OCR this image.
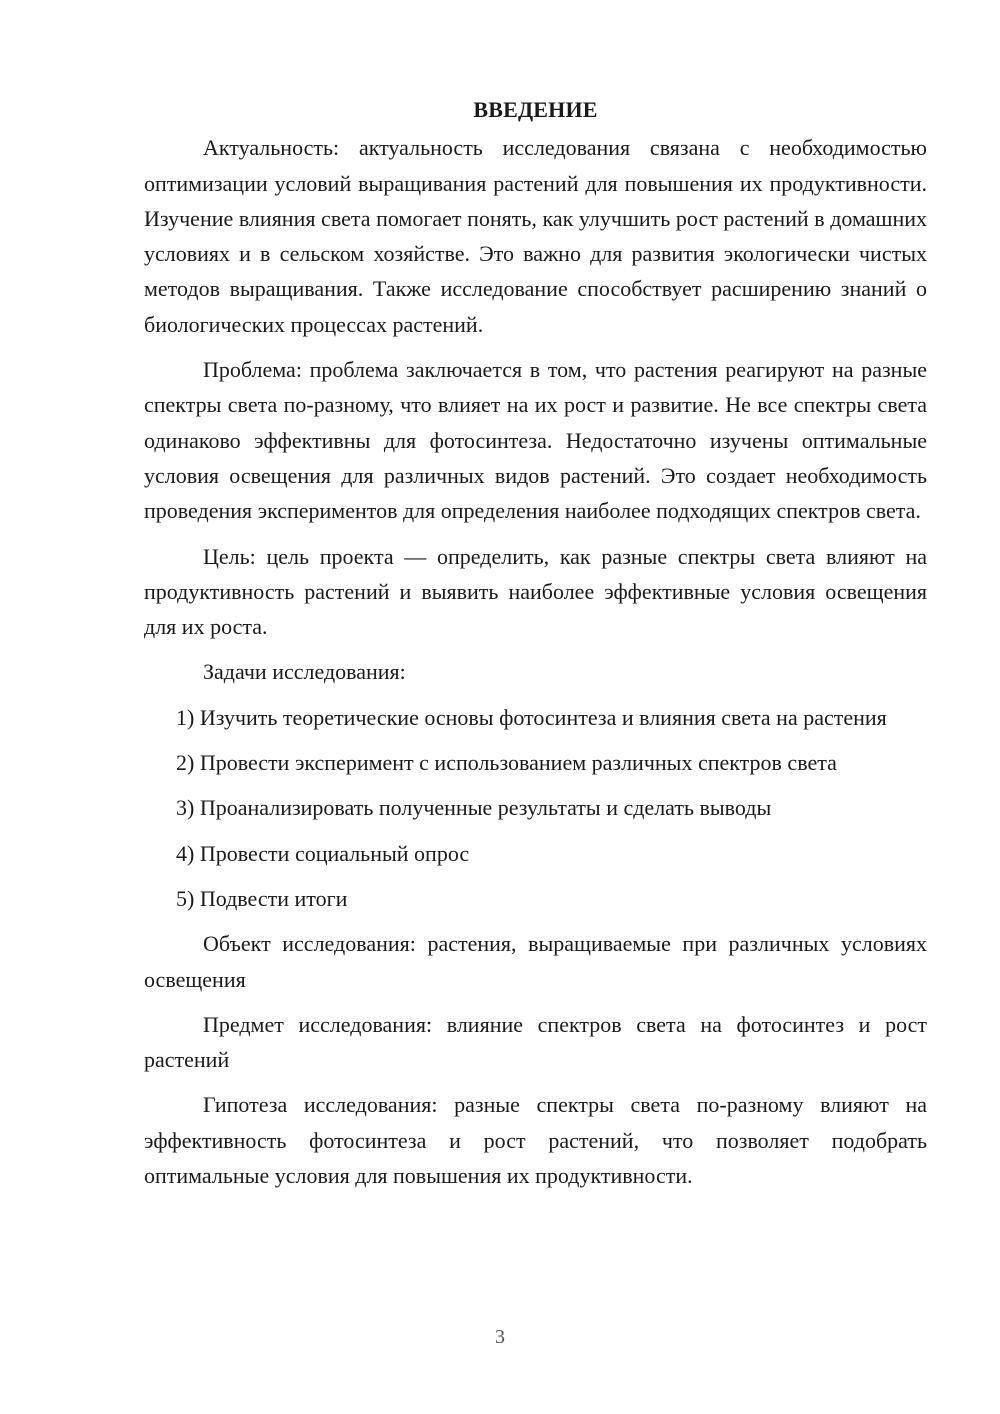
ВВЕДЕНИЕ

Актуальность: актуальность исследования связана с необходимостью оптимизации условий выращивания растений для повышения их продуктивности. Изучение влияния света помогает понять, как улучшить рост растений в домашних условиях и в сельском хозяйстве. Это важно для развития экологически чистых методов выращивания. Также исследование способствует расширению знаний о биологических процессах растений.

Проблема: проблема заключается в том, что растения реагируют на разные спектры света по-разному, что влияет на их рост и развитие. Не все спектры света одинаково эффективны для фотосинтеза. Недостаточно изучены оптимальные условия освещения для различных видов растений. Это создает необходимость проведения экспериментов для определения наиболее подходящих спектров света.

Цель: цель проекта — определить, как разные спектры света влияют на продуктивность растений и выявить наиболее эффективные условия освещения для их роста.

Задачи исследования:

1) Изучить теоретические основы фотосинтеза и влияния света на растения

2) Провести эксперимент с использованием различных спектров света

3) Проанализировать полученные результаты и сделать выводы

4) Провести социальный опрос

5) Подвести итоги

Объект исследования: растения, выращиваемые при различных условиях освещения

Предмет исследования: влияние спектров света на фотосинтез и рост растений

Гипотеза исследования: разные спектры света по-разному влияют на эффективность фотосинтеза и рост растений, что позволяет подобрать оптимальные условия для повышения их продуктивности.

3
